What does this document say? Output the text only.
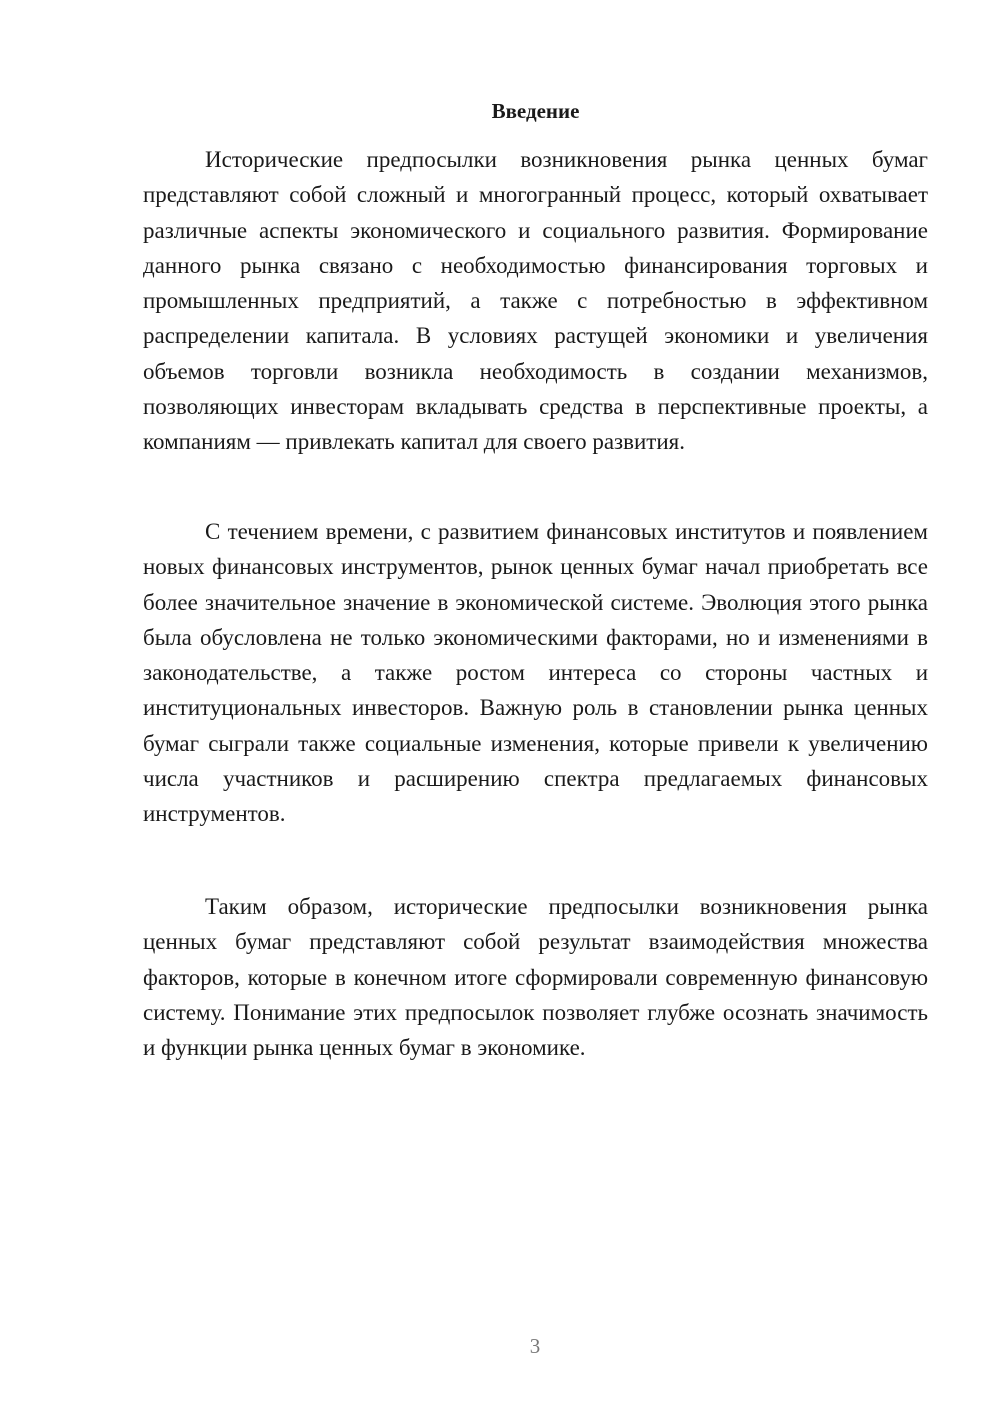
Введение

Исторические предпосылки возникновения рынка ценных бумаг представляют собой сложный и многогранный процесс, который охватывает различные аспекты экономического и социального развития. Формирование данного рынка связано с необходимостью финансирования торговых и промышленных предприятий, а также с потребностью в эффективном распределении капитала. В условиях растущей экономики и увеличения объемов торговли возникла необходимость в создании механизмов, позволяющих инвесторам вкладывать средства в перспективные проекты, а компаниям — привлекать капитал для своего развития.

С течением времени, с развитием финансовых институтов и появлением новых финансовых инструментов, рынок ценных бумаг начал приобретать все более значительное значение в экономической системе. Эволюция этого рынка была обусловлена не только экономическими факторами, но и изменениями в законодательстве, а также ростом интереса со стороны частных и институциональных инвесторов. Важную роль в становлении рынка ценных бумаг сыграли также социальные изменения, которые привели к увеличению числа участников и расширению спектра предлагаемых финансовых инструментов.

Таким образом, исторические предпосылки возникновения рынка ценных бумаг представляют собой результат взаимодействия множества факторов, которые в конечном итоге сформировали современную финансовую систему. Понимание этих предпосылок позволяет глубже осознать значимость и функции рынка ценных бумаг в экономике.

3
